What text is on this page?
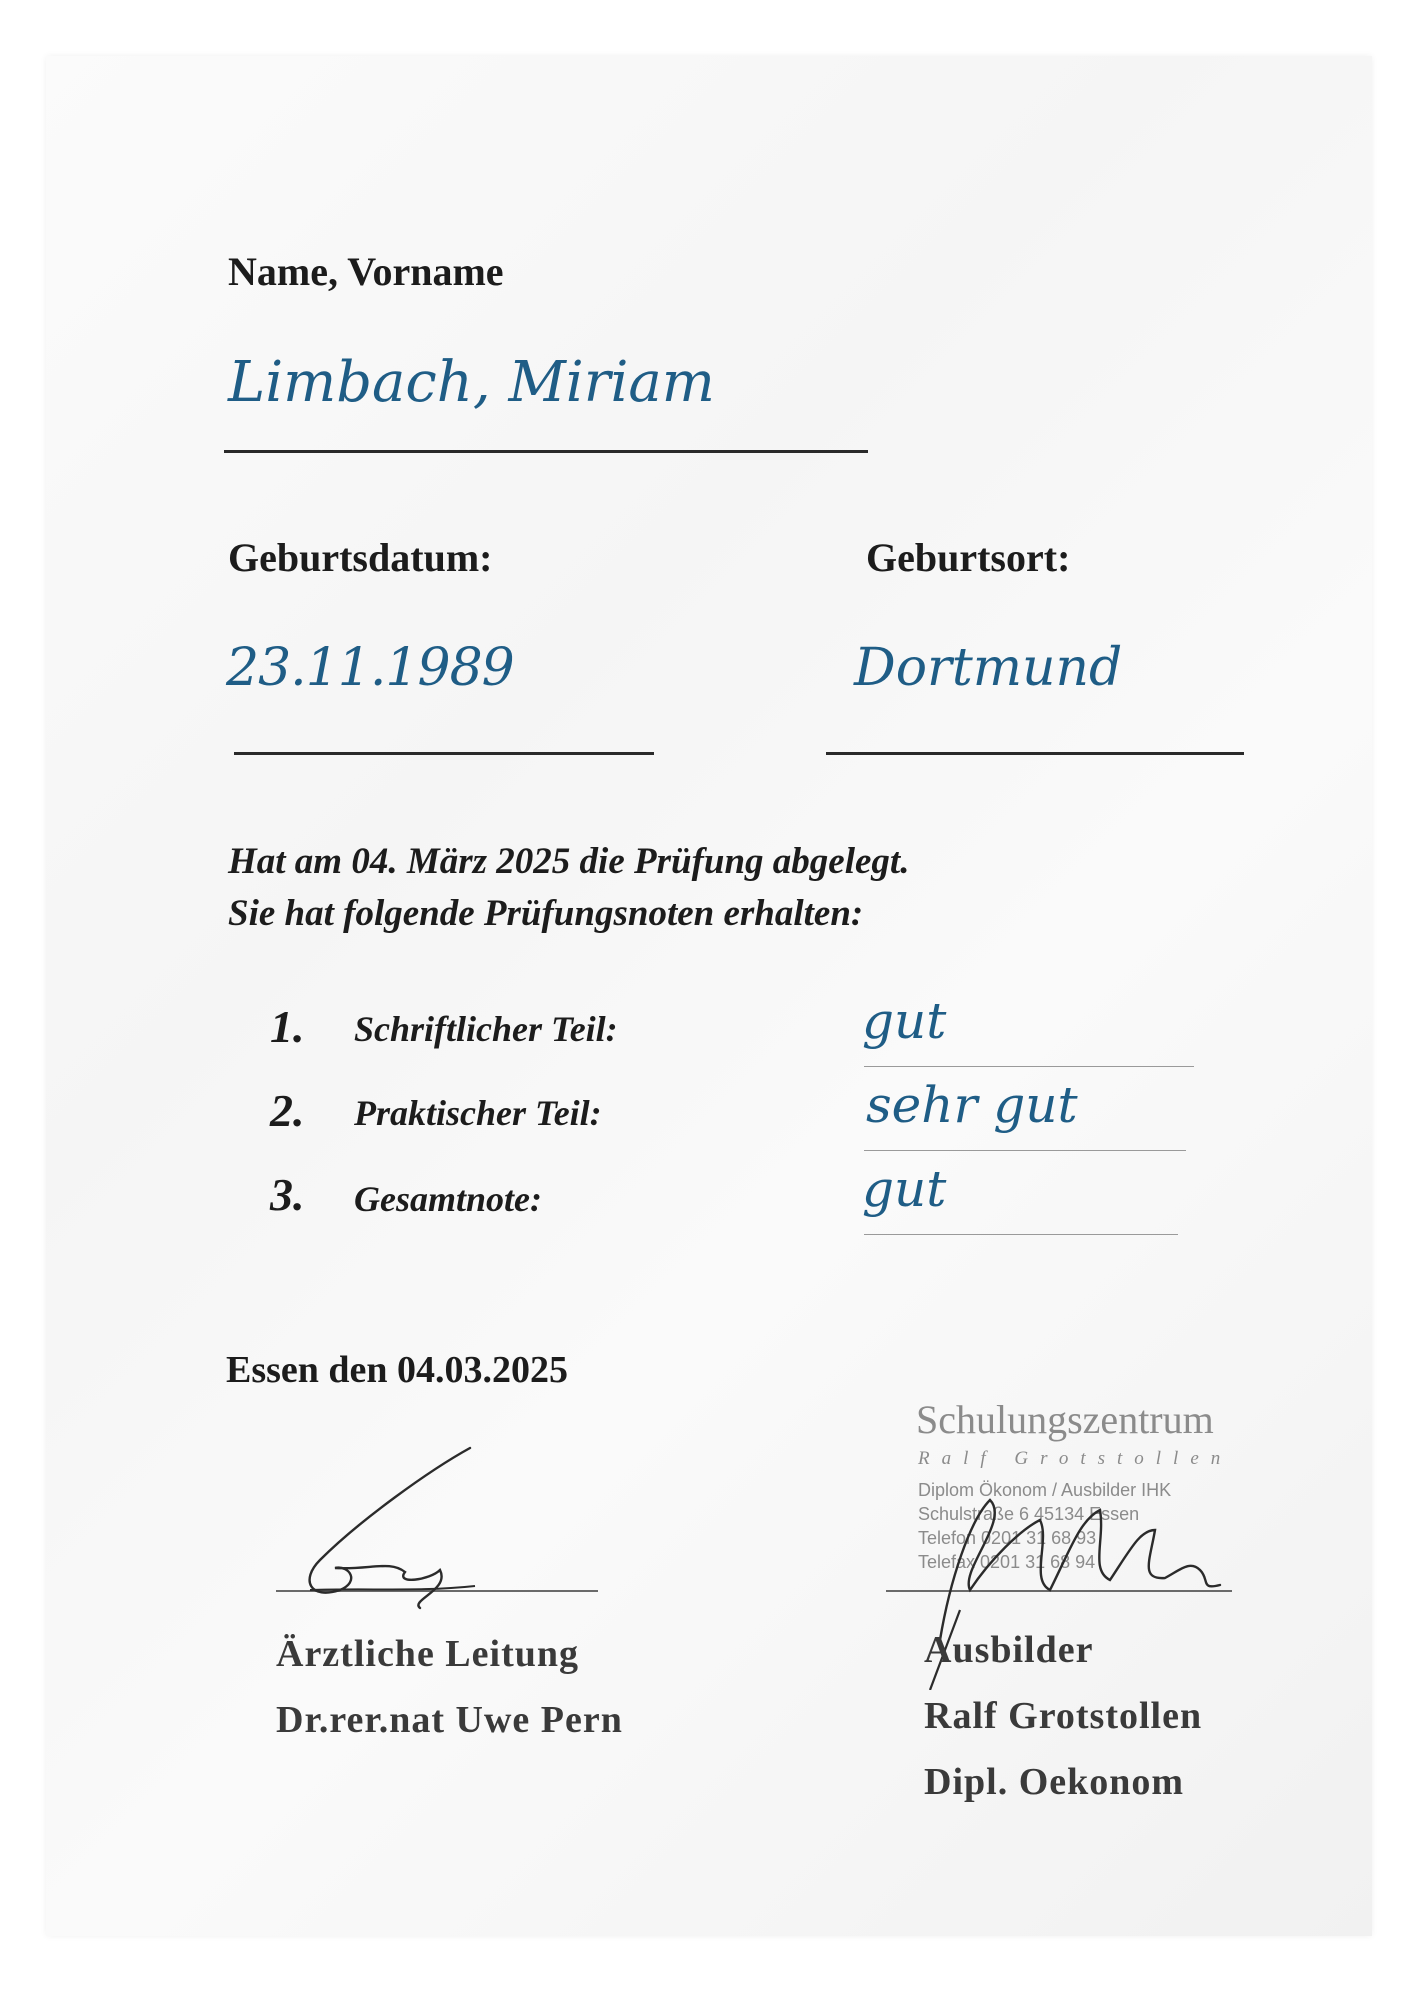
Name, Vorname
Limbach, Miriam
Geburtsdatum:	Geburtsort:
23.11.1989	Dortmund
Hat am 04. März 2025 die Prüfung abgelegt.
Sie hat folgende Prüfungsnoten erhalten:
1. Schriftlicher Teil:	gut
2. Praktischer Teil:	sehr gut
3. Gesamtnote:	gut
Essen den 04.03.2025
Schulungszentrum
Ralf Grotstollen
Diplom Ökonom / Ausbilder IHK
Schulstraße 6 45134 Essen
Telefon 0201 31 68 93
Telefax 0201 31 68 94
Ärztliche Leitung
Dr.rer.nat Uwe Pern
Ausbilder
Ralf Grotstollen
Dipl. Oekonom
